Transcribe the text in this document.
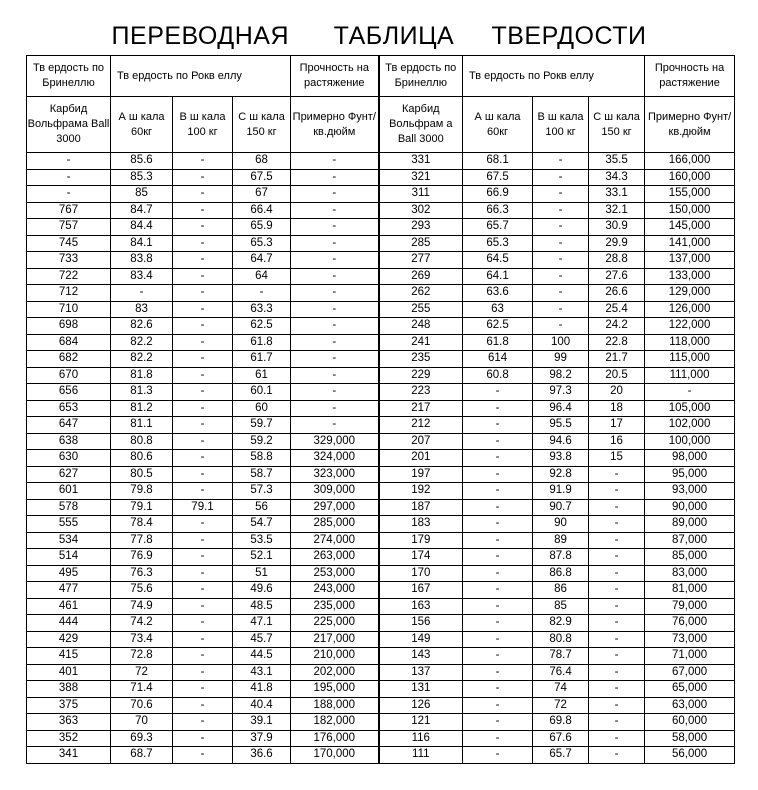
ПЕРЕВОДНАЯ      ТАБЛИЦА     ТВЕРДОСТИ
Тв ердость по Бринеллю	Тв ердость по Рокв еллу			Прочность на растяжение	Тв ердость по Бринеллю	Тв ердость по Рокв еллу			Прочность на растяжение
Карбид Вольфрама Ball 3000	А ш кала 60кг	В ш кала 100 кг	С ш кала 150 кг	Примерно Фунт/кв.дюйм	Карбид Вольфрам а Ball 3000	А ш кала 60кг	В ш кала 100 кг	С ш кала 150 кг	Примерно Фунт/кв.дюйм
-	85.6	-	68	-	331	68.1	-	35.5	166,000
-	85.3	-	67.5	-	321	67.5	-	34.3	160,000
-	85	-	67	-	311	66.9	-	33.1	155,000
767	84.7	-	66.4	-	302	66.3	-	32.1	150,000
757	84.4	-	65.9	-	293	65.7	-	30.9	145,000
745	84.1	-	65.3	-	285	65.3	-	29.9	141,000
733	83.8	-	64.7	-	277	64.5	-	28.8	137,000
722	83.4	-	64	-	269	64.1	-	27.6	133,000
712	-	-	-	-	262	63.6	-	26.6	129,000
710	83	-	63.3	-	255	63	-	25.4	126,000
698	82.6	-	62.5	-	248	62.5	-	24.2	122,000
684	82.2	-	61.8	-	241	61.8	100	22.8	118,000
682	82.2	-	61.7	-	235	614	99	21.7	115,000
670	81.8	-	61	-	229	60.8	98.2	20.5	111,000
656	81.3	-	60.1	-	223	-	97.3	20	-
653	81.2	-	60	-	217	-	96.4	18	105,000
647	81.1	-	59.7	-	212	-	95.5	17	102,000
638	80.8	-	59.2	329,000	207	-	94.6	16	100,000
630	80.6	-	58.8	324,000	201	-	93.8	15	98,000
627	80.5	-	58.7	323,000	197	-	92.8	-	95,000
601	79.8	-	57.3	309,000	192	-	91.9	-	93,000
578	79.1	79.1	56	297,000	187	-	90.7	-	90,000
555	78.4	-	54.7	285,000	183	-	90	-	89,000
534	77.8	-	53.5	274,000	179	-	89	-	87,000
514	76.9	-	52.1	263,000	174	-	87.8	-	85,000
495	76.3	-	51	253,000	170	-	86.8	-	83,000
477	75.6	-	49.6	243,000	167	-	86	-	81,000
461	74.9	-	48.5	235,000	163	-	85	-	79,000
444	74.2	-	47.1	225,000	156	-	82.9	-	76,000
429	73.4	-	45.7	217,000	149	-	80.8	-	73,000
415	72.8	-	44.5	210,000	143	-	78.7	-	71,000
401	72	-	43.1	202,000	137	-	76.4	-	67,000
388	71.4	-	41.8	195,000	131	-	74	-	65,000
375	70.6	-	40.4	188,000	126	-	72	-	63,000
363	70	-	39.1	182,000	121	-	69.8	-	60,000
352	69.3	-	37.9	176,000	116	-	67.6	-	58,000
341	68.7	-	36.6	170,000	111	-	65.7	-	56,000
